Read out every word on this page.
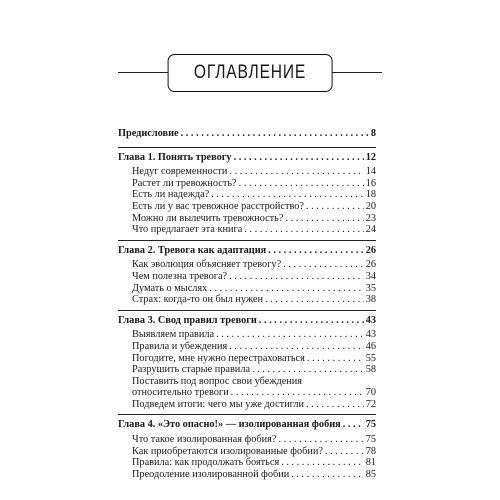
ОГЛАВЛЕНИЕ
Предисловие . . .	8
Глава 1. Понять тревогу . . .	12
Недуг современности . . .	14
Растет ли тревожность? . . .	16
Есть ли надежда? . . .	18
Есть ли у вас тревожное расстройство? . . .	20
Можно ли вылечить тревожность? . . .	23
Что предлагает эта книга . . .	24
Глава 2. Тревога как адаптация . . .	26
Как эволюция объясняет тревогу? . . .	26
Чем полезна тревога? . . .	34
Думать о мыслях . . .	35
Страх: когда-то он был нужен . . .	38
Глава 3. Свод правил тревоги . . .	43
Выявляем правила . . .	43
Правила и убеждения . . .	46
Погодите, мне нужно перестраховаться . . .	55
Разрушить старые правила . . .	58
Поставить под вопрос свои убеждения
относительно тревоги . . .	70
Подведем итоги: чего мы уже достигли . . .	72
Глава 4. «Это опасно!» — изолированная фобия . . . 75
Что такое изолированная фобия? . . .	75
Как приобретаются изолированные фобии? . . .	78
Правила: как продолжать бояться . . .	81
Преодоление изолированной фобии . . .	85
